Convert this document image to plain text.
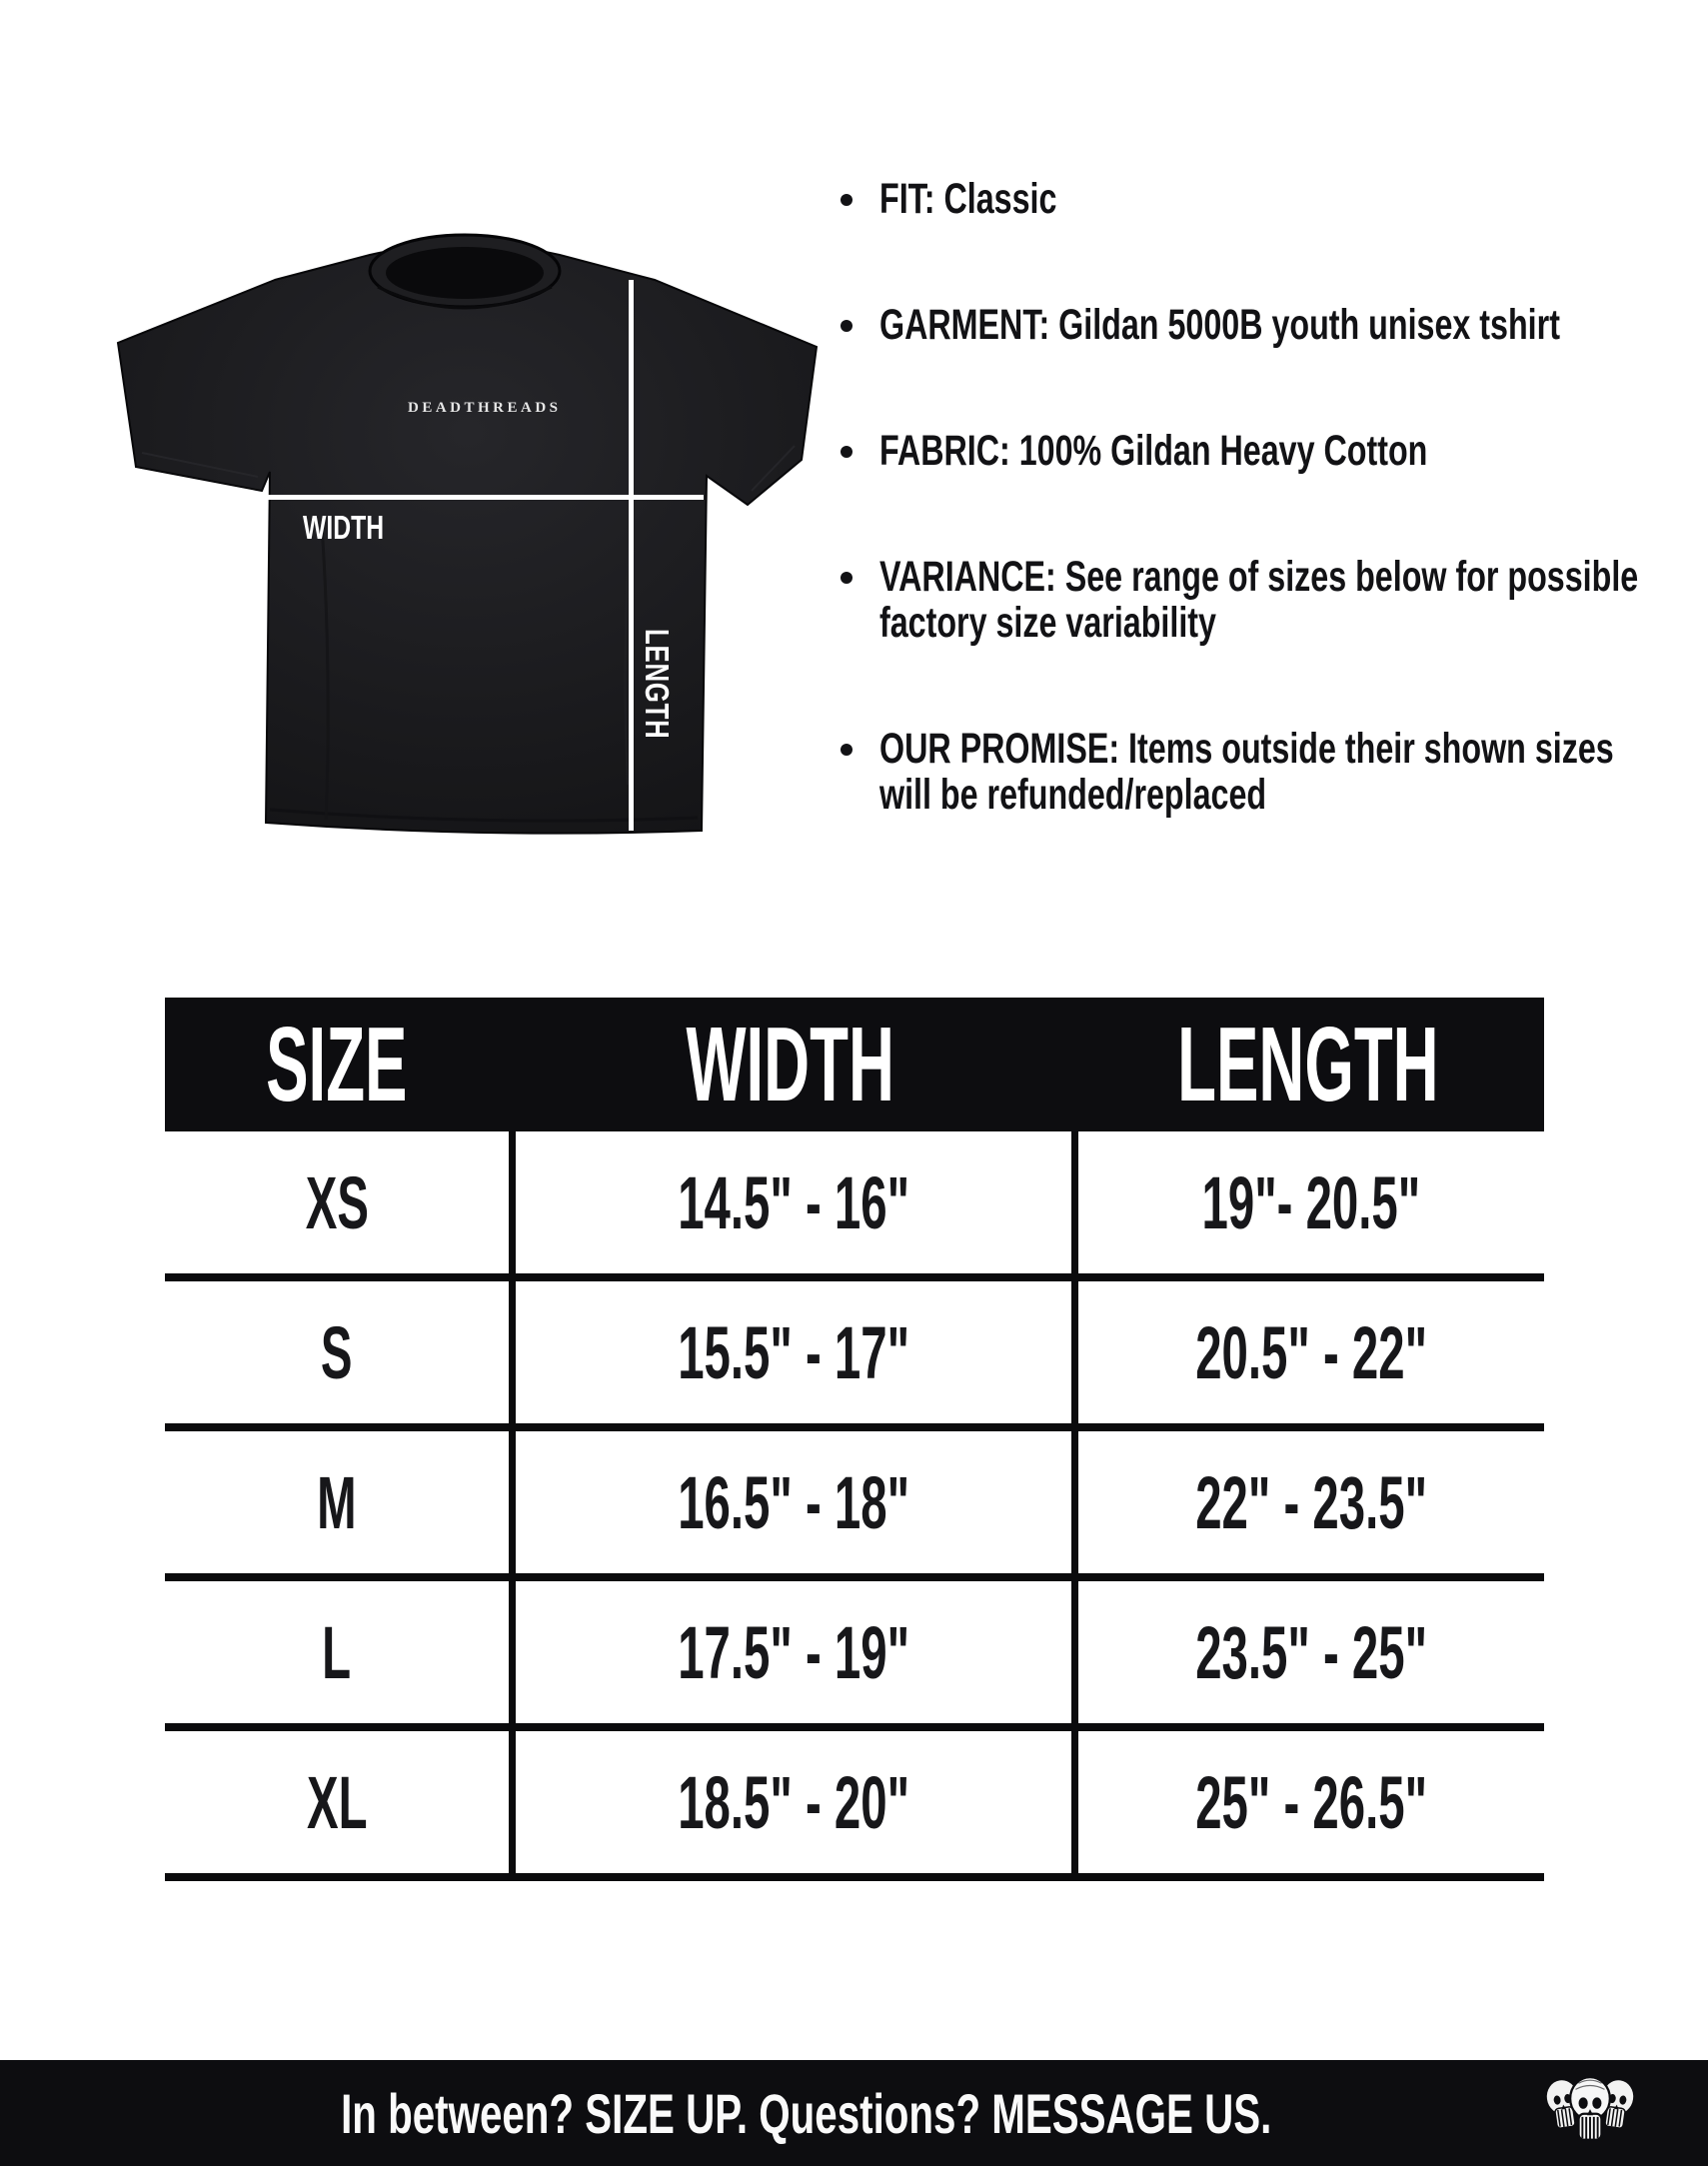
DEADTHREADS
WIDTH
LENGTH
FIT: Classic
GARMENT: Gildan 5000B youth unisex tshirt
FABRIC: 100% Gildan Heavy Cotton
VARIANCE: See range of sizes below for possible
factory size variability
OUR PROMISE: Items outside their shown sizes
will be refunded/replaced
SIZE	WIDTH	LENGTH
XS	14.5" - 16"	19"- 20.5"
S	15.5" - 17"	20.5" - 22"
M	16.5" - 18"	22" - 23.5"
L	17.5" - 19"	23.5" - 25"
XL	18.5" - 20"	25" - 26.5"
In between? SIZE UP. Questions? MESSAGE US.
